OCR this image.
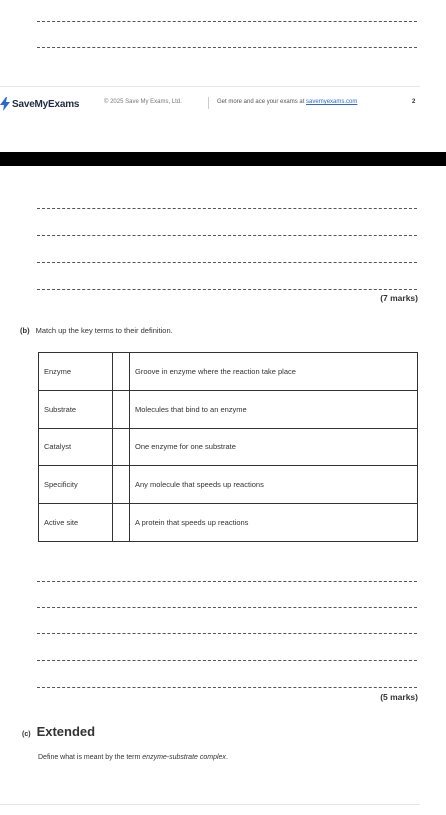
SaveMyExams	© 2025 Save My Exams, Ltd.	Get more and ace your exams at savemyexams.com	2
(7 marks)
(b) Match up the key terms to their definition.
Enzyme		Groove in enzyme where the reaction take place
Substrate		Molecules that bind to an enzyme
Catalyst		One enzyme for one substrate
Specificity		Any molecule that speeds up reactions
Active site		A protein that speeds up reactions
(5 marks)
(c) Extended
Define what is meant by the term enzyme-substrate complex.
